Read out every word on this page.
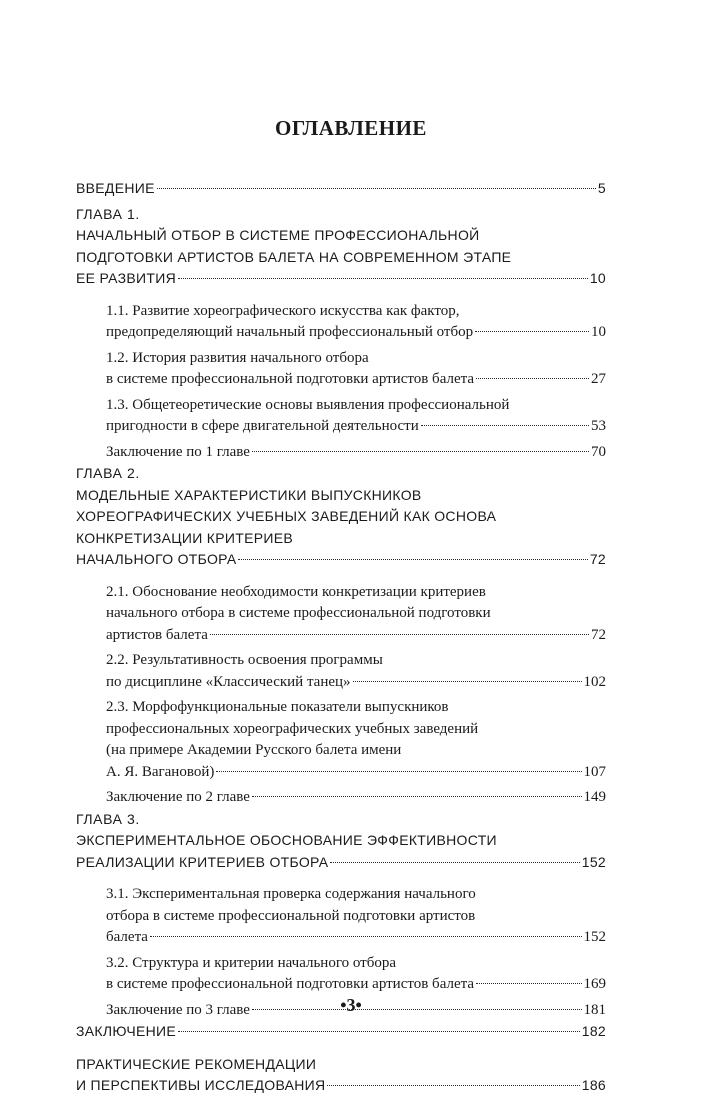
ОГЛАВЛЕНИЕ
ВВЕДЕНИЕ	5
ГЛАВА 1.
НАЧАЛЬНЫЙ ОТБОР В СИСТЕМЕ ПРОФЕССИОНАЛЬНОЙ
ПОДГОТОВКИ АРТИСТОВ БАЛЕТА НА СОВРЕМЕННОМ ЭТАПЕ
ЕЕ РАЗВИТИЯ	10
1.1. Развитие хореографического искусства как фактор,
предопределяющий начальный профессиональный отбор	10
1.2. История развития начального отбора
в системе профессиональной подготовки артистов балета	27
1.3. Общетеоретические основы выявления профессиональной
пригодности в сфере двигательной деятельности	53
Заключение по 1 главе	70
ГЛАВА 2.
МОДЕЛЬНЫЕ ХАРАКТЕРИСТИКИ ВЫПУСКНИКОВ
ХОРЕОГРАФИЧЕСКИХ УЧЕБНЫХ ЗАВЕДЕНИЙ КАК ОСНОВА
КОНКРЕТИЗАЦИИ КРИТЕРИЕВ
НАЧАЛЬНОГО ОТБОРА	72
2.1. Обоснование необходимости конкретизации критериев
начального отбора в системе профессиональной подготовки
артистов балета	72
2.2. Результативность освоения программы
по дисциплине «Классический танец»	102
2.3. Морфофункциональные показатели выпускников
профессиональных хореографических учебных заведений
(на примере Академии Русского балета имени
А. Я. Вагановой)	107
Заключение по 2 главе	149
ГЛАВА 3.
ЭКСПЕРИМЕНТАЛЬНОЕ ОБОСНОВАНИЕ ЭФФЕКТИВНОСТИ
РЕАЛИЗАЦИИ КРИТЕРИЕВ ОТБОРА	152
3.1. Экспериментальная проверка содержания начального
отбора в системе профессиональной подготовки артистов
балета	152
3.2. Структура и критерии начального отбора
в системе профессиональной подготовки артистов балета	169
Заключение по 3 главе	181
ЗАКЛЮЧЕНИЕ	182
ПРАКТИЧЕСКИЕ РЕКОМЕНДАЦИИ
И ПЕРСПЕКТИВЫ ИССЛЕДОВАНИЯ	186
•3•
